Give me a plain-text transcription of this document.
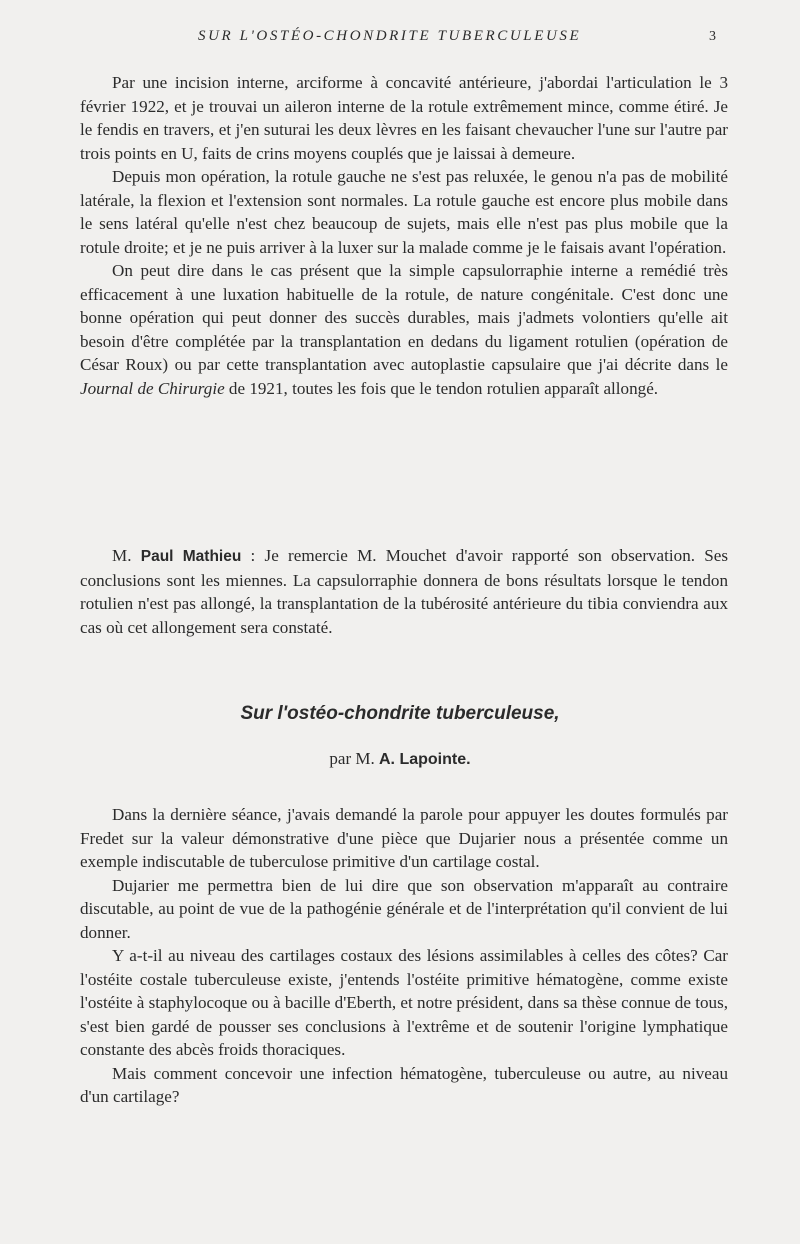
SUR L'OSTÉO-CHONDRITE TUBERCULEUSE	3

Par une incision interne, arciforme à concavité antérieure, j'abordai l'articulation le 3 février 1922, et je trouvai un aileron interne de la rotule extrêmement mince, comme étiré. Je le fendis en travers, et j'en suturai les deux lèvres en les faisant chevaucher l'une sur l'autre par trois points en U, faits de crins moyens couplés que je laissai à demeure.

Depuis mon opération, la rotule gauche ne s'est pas reluxée, le genou n'a pas de mobilité latérale, la flexion et l'extension sont normales. La rotule gauche est encore plus mobile dans le sens latéral qu'elle n'est chez beaucoup de sujets, mais elle n'est pas plus mobile que la rotule droite; et je ne puis arriver à la luxer sur la malade comme je le faisais avant l'opération.

On peut dire dans le cas présent que la simple capsulorraphie interne a remédié très efficacement à une luxation habituelle de la rotule, de nature congénitale. C'est donc une bonne opération qui peut donner des succès durables, mais j'admets volontiers qu'elle ait besoin d'être complétée par la transplantation en dedans du ligament rotulien (opération de César Roux) ou par cette transplantation avec autoplastie capsulaire que j'ai décrite dans le Journal de Chirurgie de 1921, toutes les fois que le tendon rotulien apparaît allongé.

M. Paul Mathieu : Je remercie M. Mouchet d'avoir rapporté son observation. Ses conclusions sont les miennes. La capsulorraphie donnera de bons résultats lorsque le tendon rotulien n'est pas allongé, la transplantation de la tubérosité antérieure du tibia conviendra aux cas où cet allongement sera constaté.

Sur l'ostéo-chondrite tuberculeuse,
par M. A. Lapointe.

Dans la dernière séance, j'avais demandé la parole pour appuyer les doutes formulés par Fredet sur la valeur démonstrative d'une pièce que Dujarier nous a présentée comme un exemple indiscutable de tuberculose primitive d'un cartilage costal.

Dujarier me permettra bien de lui dire que son observation m'apparaît au contraire discutable, au point de vue de la pathogénie générale et de l'interprétation qu'il convient de lui donner.

Y a-t-il au niveau des cartilages costaux des lésions assimilables à celles des côtes? Car l'ostéite costale tuberculeuse existe, j'entends l'ostéite primitive hématogène, comme existe l'ostéite à staphylocoque ou à bacille d'Eberth, et notre président, dans sa thèse connue de tous, s'est bien gardé de pousser ses conclusions à l'extrême et de soutenir l'origine lymphatique constante des abcès froids thoraciques.

Mais comment concevoir une infection hématogène, tuberculeuse ou autre, au niveau d'un cartilage?
